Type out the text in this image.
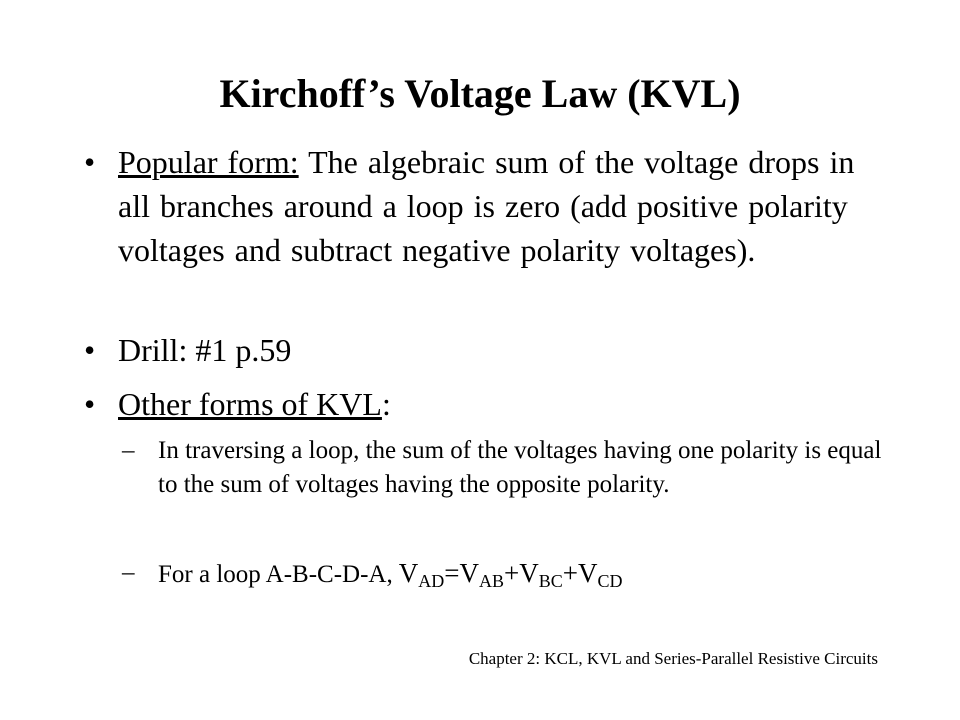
Kirchoff’s Voltage Law (KVL)
• Popular form: The algebraic sum of the voltage drops in all branches around a loop is zero (add positive polarity voltages and subtract negative polarity voltages).
• Drill: #1 p.59
• Other forms of KVL:
– In traversing a loop, the sum of the voltages having one polarity is equal to the sum of voltages having the opposite polarity.
– For a loop A-B-C-D-A, $V_{AD}=V_{AB}+V_{BC}+V_{CD}$
Chapter 2: KCL, KVL and Series-Parallel Resistive Circuits
